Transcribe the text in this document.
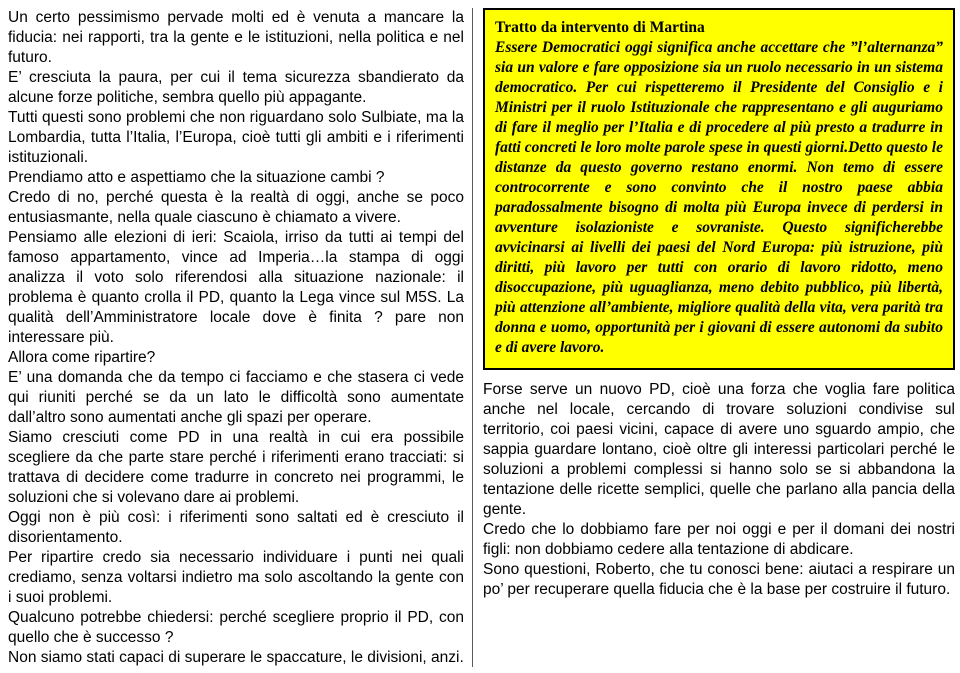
Un certo pessimismo pervade molti ed è venuta a mancare la fiducia: nei rapporti, tra la gente e le istituzioni, nella politica e nel futuro.

E’ cresciuta la paura, per cui il tema sicurezza sbandierato da alcune forze politiche, sembra quello più appagante.

Tutti questi sono problemi che non riguardano solo Sulbiate, ma la Lombardia, tutta l’Italia, l’Europa, cioè tutti gli ambiti e i riferimenti istituzionali.

Prendiamo atto e aspettiamo che la situazione cambi ?

Credo di no, perché questa è la realtà di oggi, anche se poco entusiasmante, nella quale ciascuno è chiamato a vivere.

Pensiamo alle elezioni di ieri: Scaiola, irriso da tutti ai tempi del famoso appartamento, vince ad Imperia…la stampa di oggi analizza il voto solo riferendosi alla situazione nazionale: il problema è quanto crolla il PD, quanto la Lega vince sul M5S. La qualità dell’Amministratore locale dove è finita ? pare non interessare più.

Allora come ripartire?

E’ una domanda che da tempo ci facciamo e che stasera ci vede qui riuniti perché se da un lato le difficoltà sono aumentate dall’altro sono aumentati anche gli spazi per operare.

Siamo cresciuti come PD in una realtà in cui era possibile scegliere da che parte stare perché i riferimenti erano tracciati: si trattava di decidere come tradurre in concreto nei programmi, le soluzioni che si volevano dare ai problemi.

Oggi non è più così: i riferimenti sono saltati ed è cresciuto il disorientamento.

Per ripartire credo sia necessario individuare i punti nei quali crediamo, senza voltarsi indietro ma solo ascoltando la gente con i suoi problemi.

Qualcuno potrebbe chiedersi: perché scegliere proprio il PD, con quello che è successo ?

Non siamo stati capaci di superare le spaccature, le divisioni, anzi.

Tratto da intervento di Martina

Essere Democratici oggi significa anche accettare che ”l’alternanza” sia un valore e fare opposizione sia un ruolo necessario in un sistema democratico. Per cui rispetteremo il Presidente del Consiglio e i Ministri per il ruolo Istituzionale che rappresentano e gli auguriamo di fare il meglio per l’Italia e di procedere al più presto a tradurre in fatti concreti le loro molte parole spese in questi giorni.Detto questo le distanze da questo governo restano enormi. Non temo di essere controcorrente e sono convinto che il nostro paese abbia paradossalmente bisogno di molta più Europa invece di perdersi in avventure isolazioniste e sovraniste. Questo significherebbe avvicinarsi ai livelli dei paesi del Nord Europa: più istruzione, più diritti, più lavoro per tutti con orario di lavoro ridotto, meno disoccupazione, più uguaglianza, meno debito pubblico, più libertà, più attenzione all’ambiente, migliore qualità della vita, vera parità tra donna e uomo, opportunità per i giovani di essere autonomi da subito e di avere lavoro.

Forse serve un nuovo PD, cioè una forza che voglia fare politica anche nel locale, cercando di trovare soluzioni condivise sul territorio, coi paesi vicini, capace di avere uno sguardo ampio, che sappia guardare lontano, cioè oltre gli interessi particolari perché le soluzioni a problemi complessi si hanno solo se si abbandona la tentazione delle ricette semplici, quelle che parlano alla pancia della gente.

Credo che lo dobbiamo fare per noi oggi e per il domani dei nostri figli: non dobbiamo cedere alla tentazione di abdicare.

Sono questioni, Roberto, che tu conosci bene: aiutaci a respirare un po’ per recuperare quella fiducia che è la base per costruire il futuro.
